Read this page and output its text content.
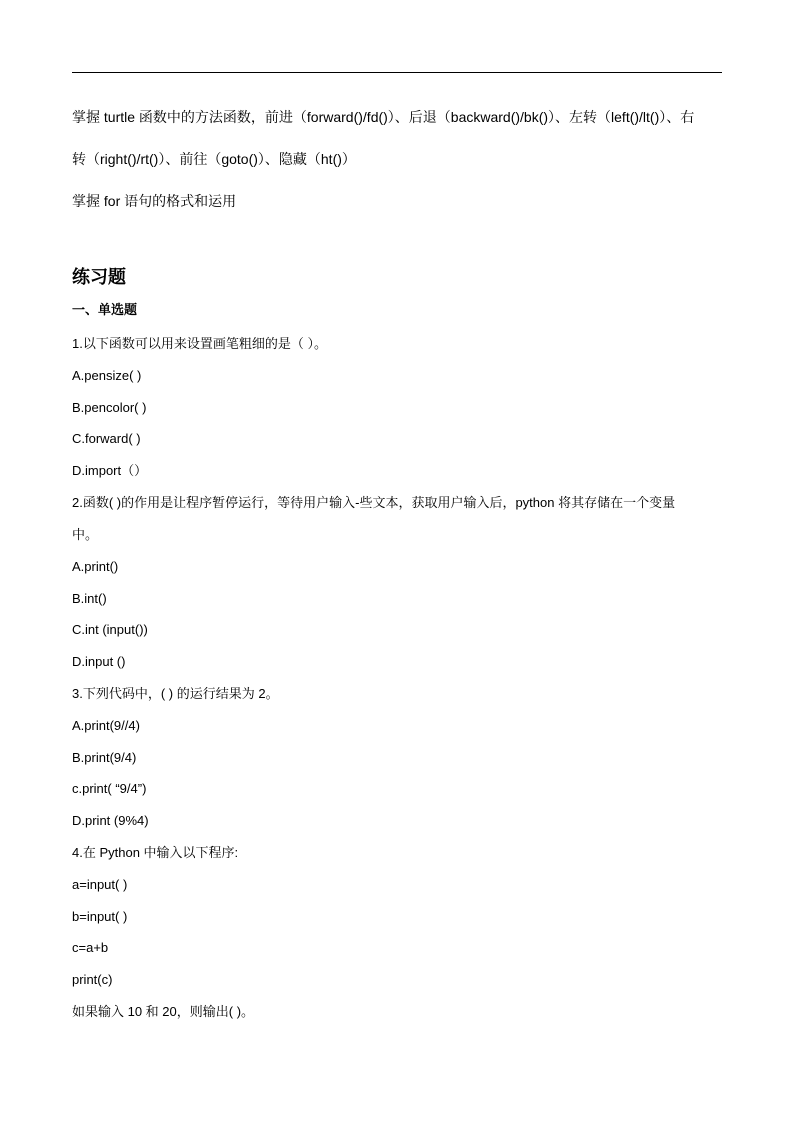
掌握 turtle 函数中的方法函数，前进（forward()/fd()）、后退（backward()/bk()）、左转（left()/lt()）、右
转（right()/rt()）、前往（goto()）、隐藏（ht()）
掌握 for 语句的格式和运用
练习题
一、单选题
1.以下函数可以用来设置画笔粗细的是（ ）。
A.pensize( )
B.pencolor( )
C.forward( )
D.import（）
2.函数( )的作用是让程序暂停运行，等待用户输入-些文本，获取用户输入后，python 将其存储在一个变量
中。
A.print()
B.int()
C.int (input())
D.input ()
3.下列代码中，( ) 的运行结果为 2。
A.print(9//4)
B.print(9/4)
c.print( “9/4”)
D.print (9%4)
4.在 Python 中输入以下程序:
a=input( )
b=input( )
c=a+b
print(c)
如果输入 10 和 20，则输出( )。
